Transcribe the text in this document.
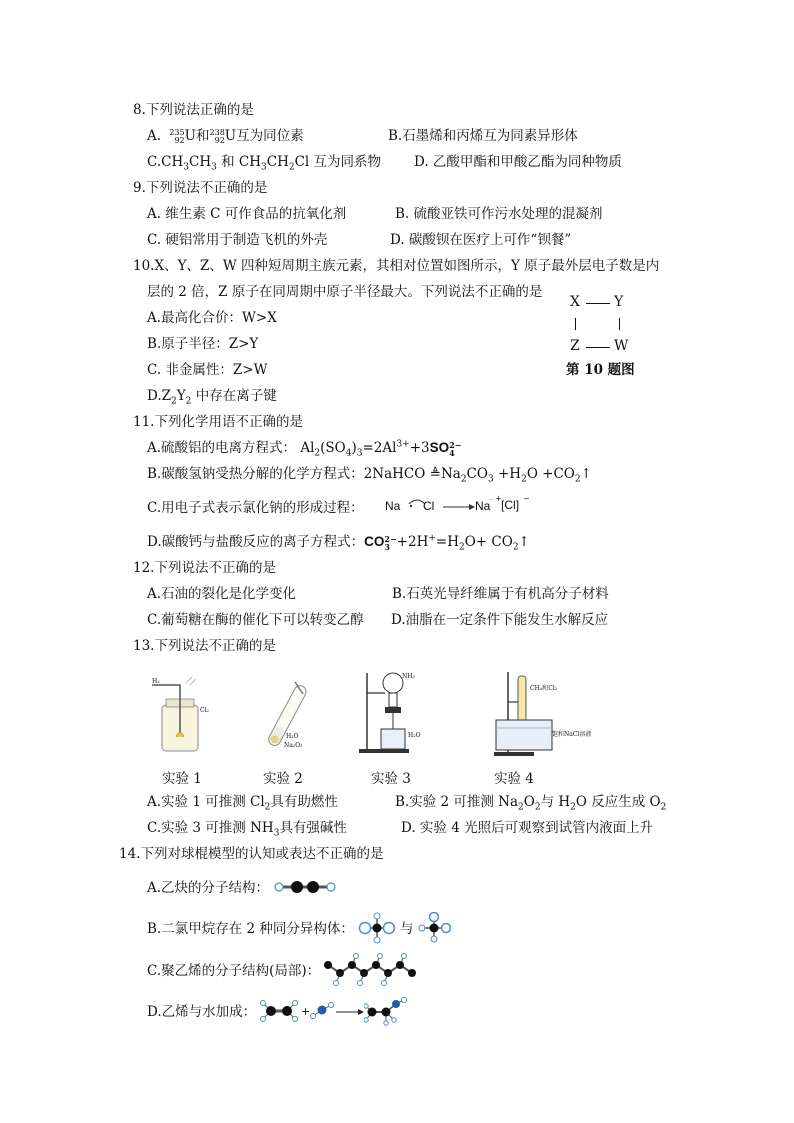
8.下列说法正确的是
A. 235
92 U和 238
92 U互为同位素	B.石墨烯和丙烯互为同素异形体
$C.CH_3CH_3$ 和 $CH_3CH_2Cl$ 互为同系物 D. 乙酸甲酯和甲酸乙酯为同种物质
9.下列说法不正确的是
A. 维生素 C 可作食品的抗氧化剂	B. 硫酸亚铁可作污水处理的混凝剂
C. 硬铝常用于制造飞机的外壳	D. 碳酸钡在医疗上可作“钡餐”
10.X、Y、Z、W 四种短周期主族元素，其相对位置如图所示，Y 原子最外层电子数是内
层的 2 倍，Z 原子在同周期中原子半径最大。下列说法不正确的是
A.最高化合价：W>X
B.原子半径：Z>Y
C. 非金属性：Z>W
$D.Z_2Y_2$ 中存在离子键
X Y
Z W
第 10 题图
11.下列化学用语不正确的是
A.硫酸铝的电离方程式： $Al_2(SO_4)_3=2Al^{3+}+3SO$ 2−
4
B.碳酸氢钠受热分解的化学方程式：2NaHCO $≜Na_2CO_3 +H_2O$ $+CO_2↑$
C.用电子式表示氯化钠的形成过程： Na
..
Cl	Na
+ [Cl] −
D.碳酸钙与盐酸反应的离子方程式：CO 2−
$3 +2H^+=H_2O+$ $CO_2↑$
12.下列说法不正确的是
A.石油的裂化是化学变化	B.石英光导纤维属于有机高分子材料
C.葡萄糖在酶的催化下可以转变乙醇 D.油脂在一定条件下能发生水解反应
13.下列说法不正确的是
H₂
Cl₂
H₂O
Na₂O₂
NH₃
H₂O
CH₄和Cl₂
饱和NaCl溶液
实验 1	实验 2	实验 3	实验 4
A.实验 1 可推测 $Cl_2$具有助燃性	B.实验 2 可推测 $Na_2O_2$与 $H_2O$ 反应生成 $O_2$
C.实验 3 可推测 $NH_3$具有强碱性	D. 实验 4 光照后可观察到试管内液面上升
14.下列对球棍模型的认知或表达不正确的是
A.乙炔的分子结构：
B.二氯甲烷存在 2 种同分异构体：	与
C.聚乙烯的分子结构(局部)：
D.乙烯与水加成：	+
